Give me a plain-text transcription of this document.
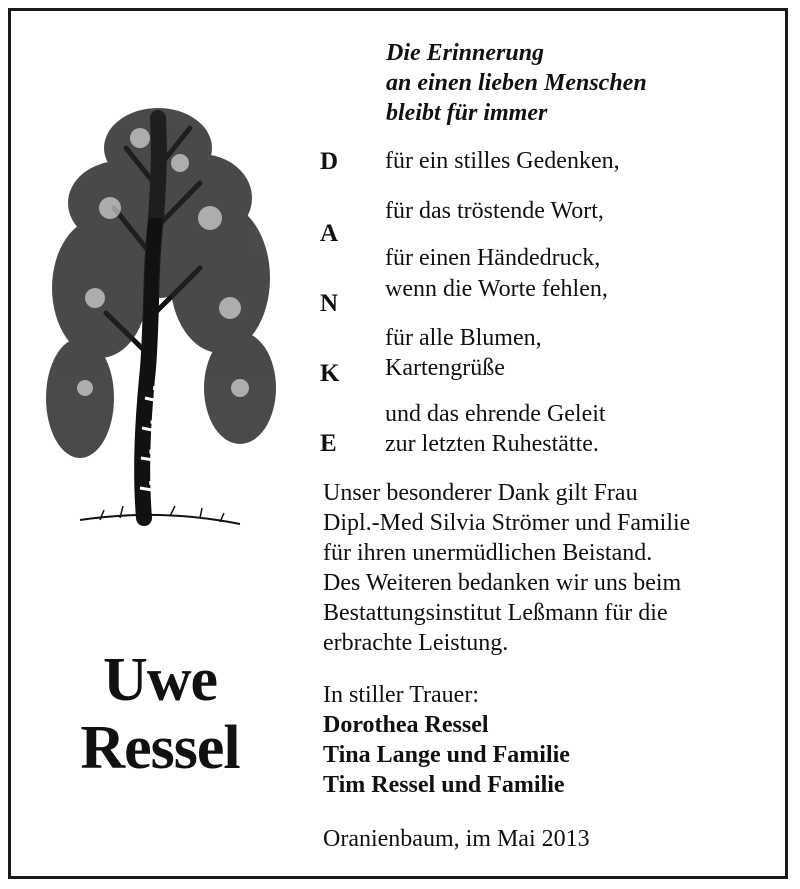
Uwe
Ressel
Die Erinnerung
an einen lieben Menschen
bleibt für immer
D
A
N
K
E
für ein stilles Gedenken,
für das tröstende Wort,
für einen Händedruck,
wenn die Worte fehlen,
für alle Blumen,
Kartengrüße
und das ehrende Geleit
zur letzten Ruhestätte.
Unser besonderer Dank gilt Frau
Dipl.-Med Silvia Strömer und Familie
für ihren unermüdlichen Beistand.
Des Weiteren bedanken wir uns beim
Bestattungsinstitut Leßmann für die
erbrachte Leistung.
In stiller Trauer:
Dorothea Ressel
Tina Lange und Familie
Tim Ressel und Familie
Oranienbaum, im Mai 2013
